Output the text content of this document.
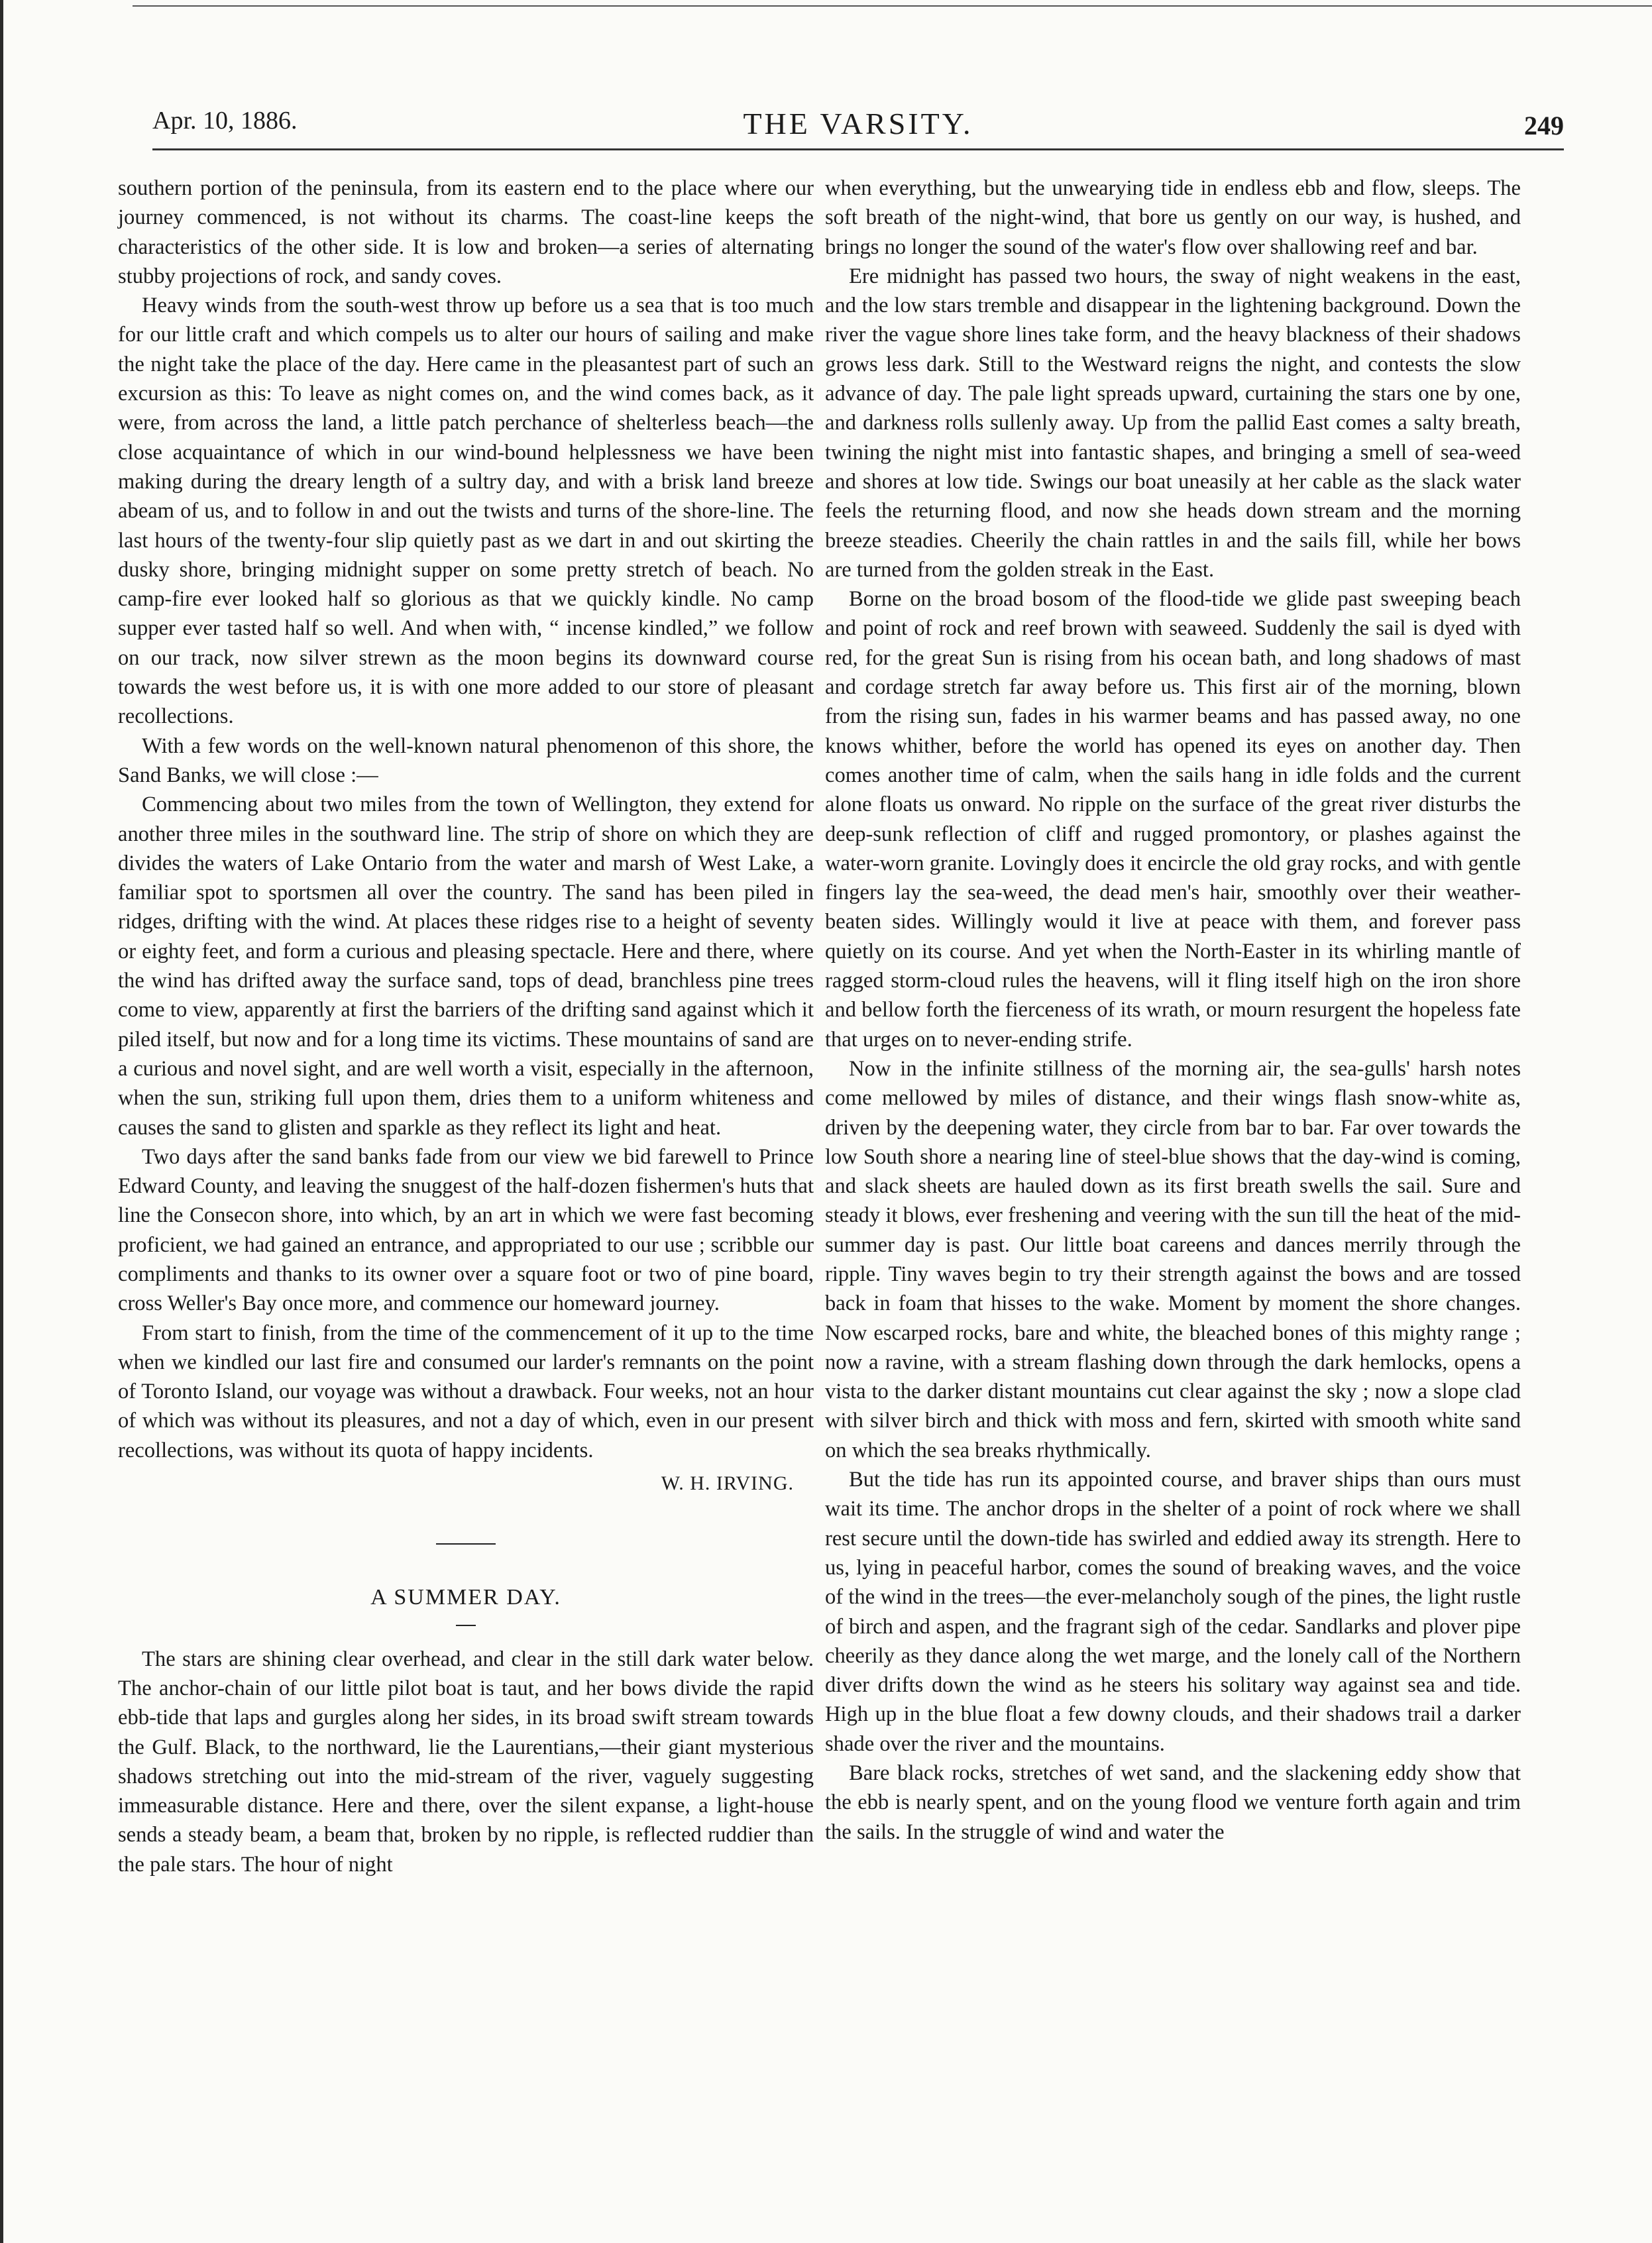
Apr. 10, 1886.	THE VARSITY.	249

southern portion of the peninsula, from its eastern end to the place where our journey commenced, is not without its charms. The coast-line keeps the characteristics of the other side. It is low and broken—a series of alternating stubby projections of rock, and sandy coves.

Heavy winds from the south-west throw up before us a sea that is too much for our little craft and which compels us to alter our hours of sailing and make the night take the place of the day. Here came in the pleasantest part of such an excursion as this: To leave as night comes on, and the wind comes back, as it were, from across the land, a little patch perchance of shelterless beach—the close acquaintance of which in our wind-bound helplessness we have been making during the dreary length of a sultry day, and with a brisk land breeze abeam of us, and to follow in and out the twists and turns of the shore-line. The last hours of the twenty-four slip quietly past as we dart in and out skirting the dusky shore, bringing midnight supper on some pretty stretch of beach. No camp-fire ever looked half so glorious as that we quickly kindle. No camp supper ever tasted half so well. And when with, “ incense kindled,” we follow on our track, now silver strewn as the moon begins its downward course towards the west before us, it is with one more added to our store of pleasant recollections.

With a few words on the well-known natural phenomenon of this shore, the Sand Banks, we will close :—

Commencing about two miles from the town of Wellington, they extend for another three miles in the southward line. The strip of shore on which they are divides the waters of Lake Ontario from the water and marsh of West Lake, a familiar spot to sportsmen all over the country. The sand has been piled in ridges, drifting with the wind. At places these ridges rise to a height of seventy or eighty feet, and form a curious and pleasing spectacle. Here and there, where the wind has drifted away the surface sand, tops of dead, branchless pine trees come to view, apparently at first the barriers of the drifting sand against which it piled itself, but now and for a long time its victims. These mountains of sand are a curious and novel sight, and are well worth a visit, especially in the afternoon, when the sun, striking full upon them, dries them to a uniform whiteness and causes the sand to glisten and sparkle as they reflect its light and heat.

Two days after the sand banks fade from our view we bid farewell to Prince Edward County, and leaving the snuggest of the half-dozen fishermen's huts that line the Consecon shore, into which, by an art in which we were fast becoming proficient, we had gained an entrance, and appropriated to our use ; scribble our compliments and thanks to its owner over a square foot or two of pine board, cross Weller's Bay once more, and commence our homeward journey.

From start to finish, from the time of the commencement of it up to the time when we kindled our last fire and consumed our larder's remnants on the point of Toronto Island, our voyage was without a drawback. Four weeks, not an hour of which was without its pleasures, and not a day of which, even in our present recollections, was without its quota of happy incidents.

W. H. IRVING.
A SUMMER DAY.

The stars are shining clear overhead, and clear in the still dark water below. The anchor-chain of our little pilot boat is taut, and her bows divide the rapid ebb-tide that laps and gurgles along her sides, in its broad swift stream towards the Gulf. Black, to the northward, lie the Laurentians,—their giant mysterious shadows stretching out into the mid-stream of the river, vaguely suggesting immeasurable distance. Here and there, over the silent expanse, a light-house sends a steady beam, a beam that, broken by no ripple, is reflected ruddier than the pale stars. The hour of night

when everything, but the unwearying tide in endless ebb and flow, sleeps. The soft breath of the night-wind, that bore us gently on our way, is hushed, and brings no longer the sound of the water's flow over shallowing reef and bar.

Ere midnight has passed two hours, the sway of night weakens in the east, and the low stars tremble and disappear in the lightening background. Down the river the vague shore lines take form, and the heavy blackness of their shadows grows less dark. Still to the Westward reigns the night, and contests the slow advance of day. The pale light spreads upward, curtaining the stars one by one, and darkness rolls sullenly away. Up from the pallid East comes a salty breath, twining the night mist into fantastic shapes, and bringing a smell of sea-weed and shores at low tide. Swings our boat uneasily at her cable as the slack water feels the returning flood, and now she heads down stream and the morning breeze steadies. Cheerily the chain rattles in and the sails fill, while her bows are turned from the golden streak in the East.

Borne on the broad bosom of the flood-tide we glide past sweeping beach and point of rock and reef brown with seaweed. Suddenly the sail is dyed with red, for the great Sun is rising from his ocean bath, and long shadows of mast and cordage stretch far away before us. This first air of the morning, blown from the rising sun, fades in his warmer beams and has passed away, no one knows whither, before the world has opened its eyes on another day. Then comes another time of calm, when the sails hang in idle folds and the current alone floats us onward. No ripple on the surface of the great river disturbs the deep-sunk reflection of cliff and rugged promontory, or plashes against the water-worn granite. Lovingly does it encircle the old gray rocks, and with gentle fingers lay the sea-weed, the dead men's hair, smoothly over their weather-beaten sides. Willingly would it live at peace with them, and forever pass quietly on its course. And yet when the North-Easter in its whirling mantle of ragged storm-cloud rules the heavens, will it fling itself high on the iron shore and bellow forth the fierceness of its wrath, or mourn resurgent the hopeless fate that urges on to never-ending strife.

Now in the infinite stillness of the morning air, the sea-gulls' harsh notes come mellowed by miles of distance, and their wings flash snow-white as, driven by the deepening water, they circle from bar to bar. Far over towards the low South shore a nearing line of steel-blue shows that the day-wind is coming, and slack sheets are hauled down as its first breath swells the sail. Sure and steady it blows, ever freshening and veering with the sun till the heat of the mid-summer day is past. Our little boat careens and dances merrily through the ripple. Tiny waves begin to try their strength against the bows and are tossed back in foam that hisses to the wake. Moment by moment the shore changes. Now escarped rocks, bare and white, the bleached bones of this mighty range ; now a ravine, with a stream flashing down through the dark hemlocks, opens a vista to the darker distant mountains cut clear against the sky ; now a slope clad with silver birch and thick with moss and fern, skirted with smooth white sand on which the sea breaks rhythmically.

But the tide has run its appointed course, and braver ships than ours must wait its time. The anchor drops in the shelter of a point of rock where we shall rest secure until the down-tide has swirled and eddied away its strength. Here to us, lying in peaceful harbor, comes the sound of breaking waves, and the voice of the wind in the trees—the ever-melancholy sough of the pines, the light rustle of birch and aspen, and the fragrant sigh of the cedar. Sandlarks and plover pipe cheerily as they dance along the wet marge, and the lonely call of the Northern diver drifts down the wind as he steers his solitary way against sea and tide. High up in the blue float a few downy clouds, and their shadows trail a darker shade over the river and the mountains.

Bare black rocks, stretches of wet sand, and the slackening eddy show that the ebb is nearly spent, and on the young flood we venture forth again and trim the sails. In the struggle of wind and water the
